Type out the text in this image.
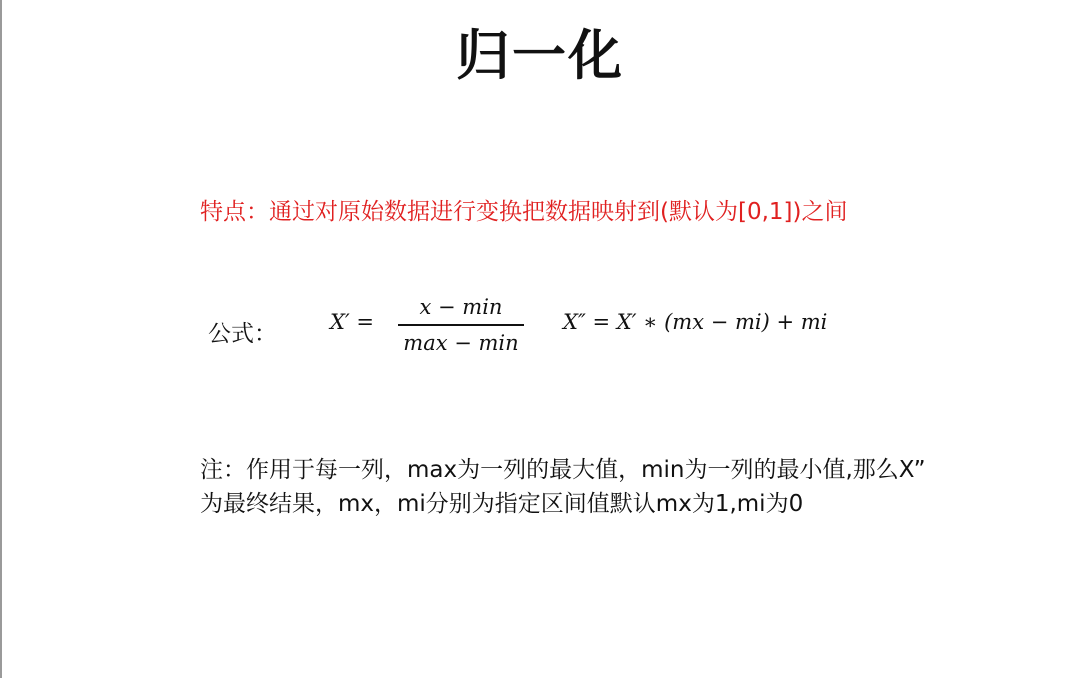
归一化
特点：通过对原始数据进行变换把数据映射到(默认为[0,1])之间
公式：	X′ =
x − min
max − min
X″ = X′ ∗ (mx − mi) + mi
注：作用于每一列，max为一列的最大值，min为一列的最小值,那么X”
为最终结果，mx，mi分别为指定区间值默认mx为1,mi为0
